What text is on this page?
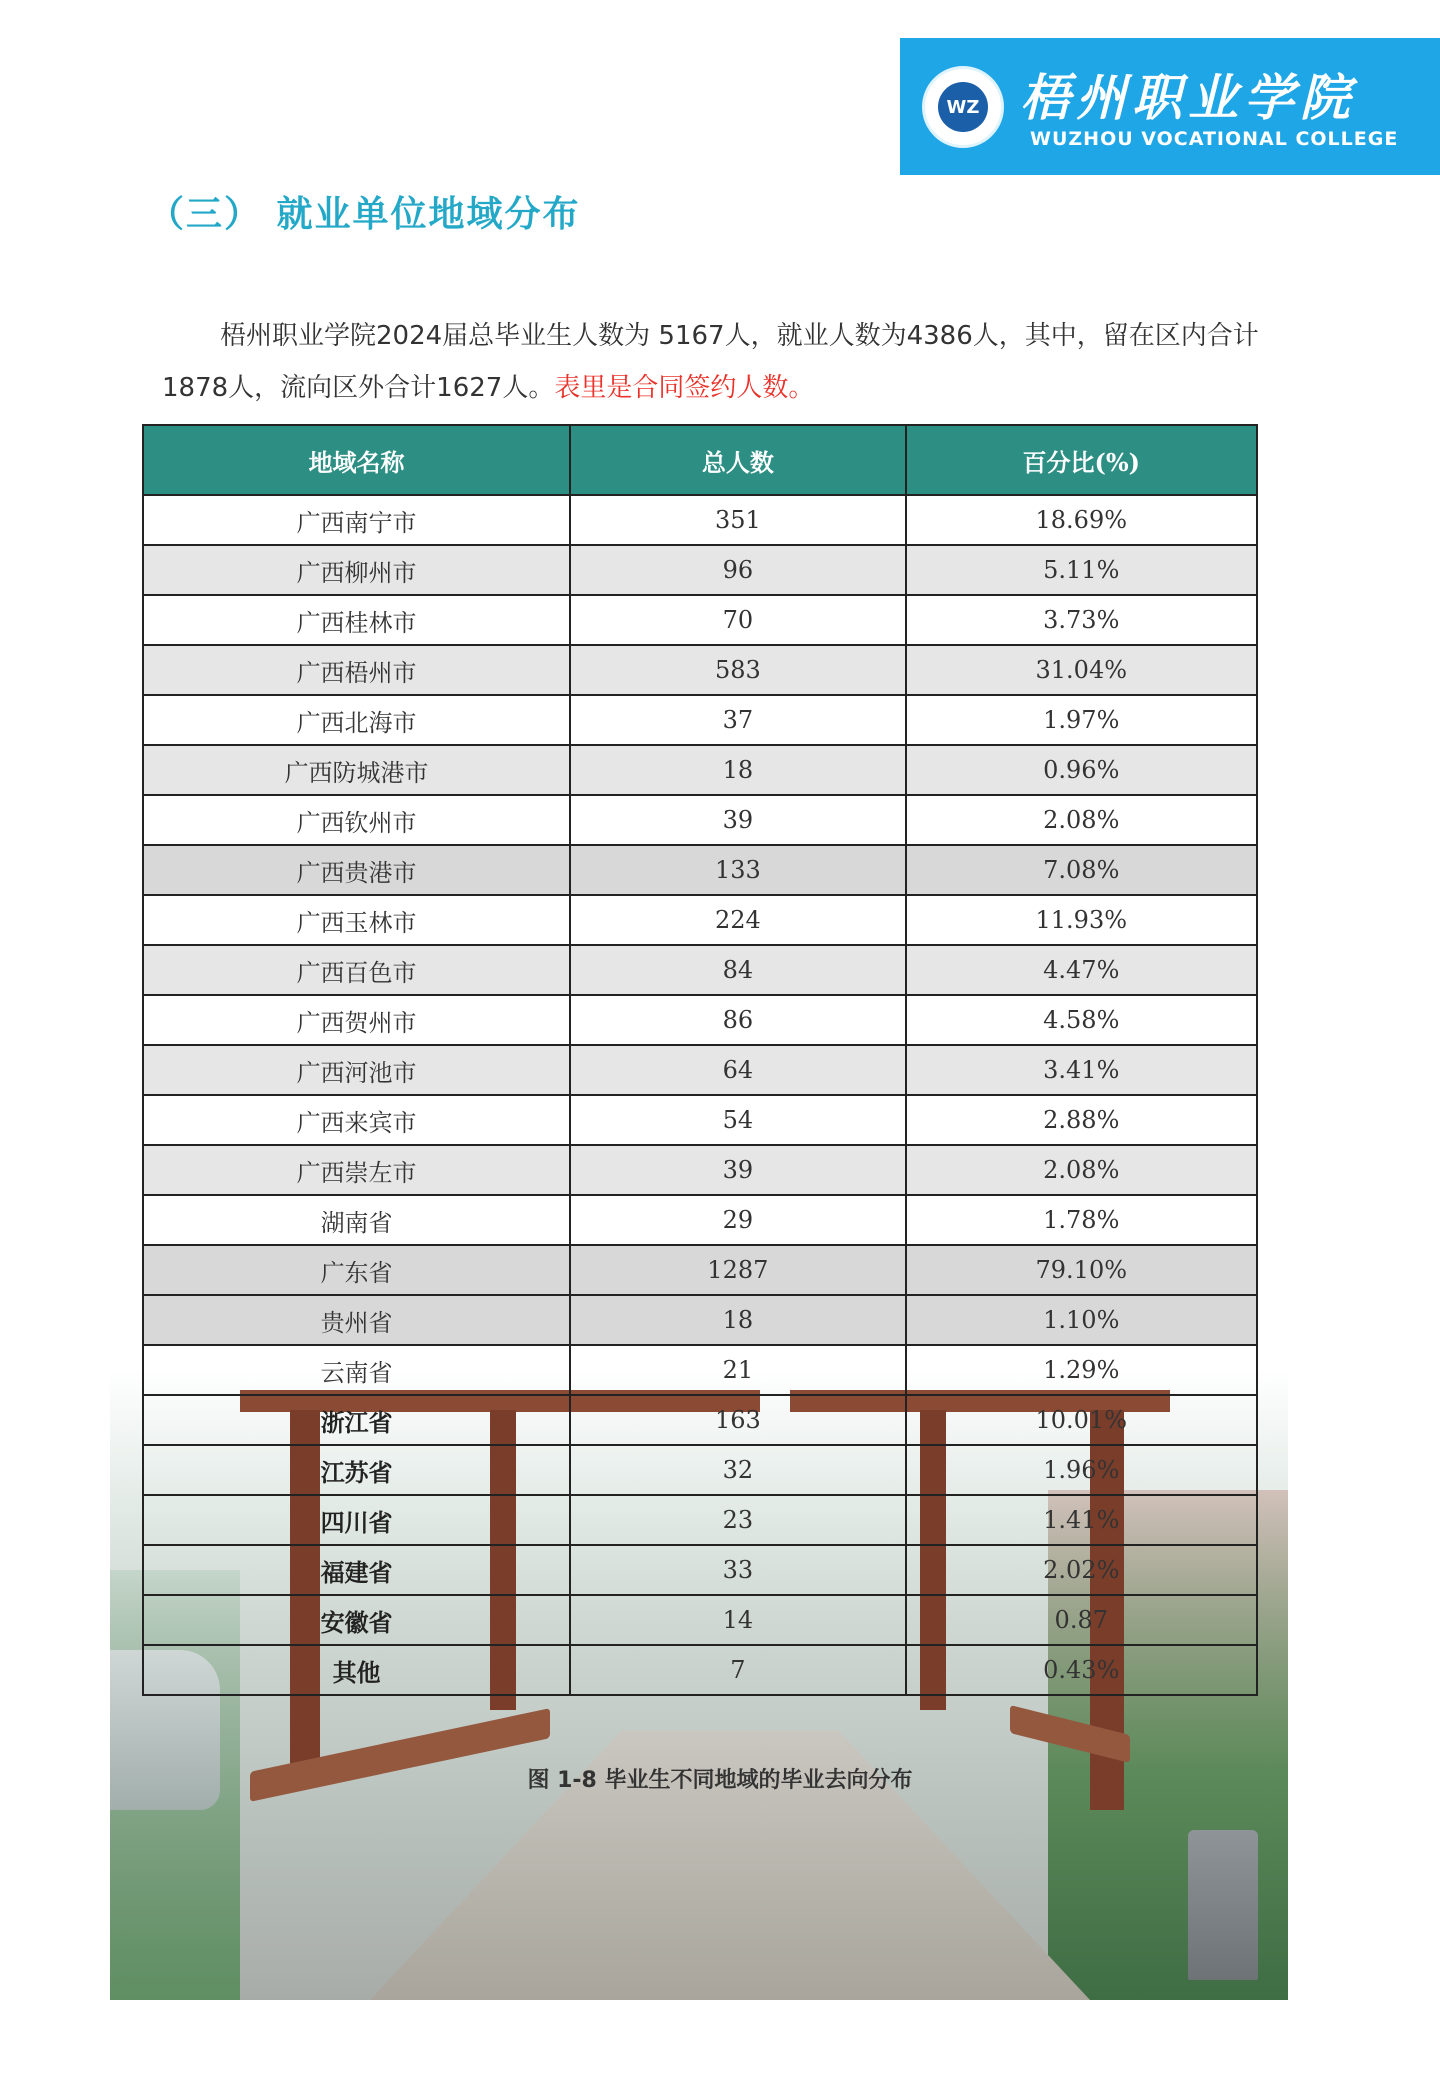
WZ 梧州职业学院
WUZHOU VOCATIONAL COLLEGE
（三） 就业单位地域分布

梧州职业学院2024届总毕业生人数为 5167人，就业人数为4386人，其中，留在区内合计1878人，流向区外合计1627人。表里是合同签约人数。

地域名称	总人数	百分比(%)
广西南宁市	351	18.69%
广西柳州市	96	5.11%
广西桂林市	70	3.73%
广西梧州市	583	31.04%
广西北海市	37	1.97%
广西防城港市	18	0.96%
广西钦州市	39	2.08%
广西贵港市	133	7.08%
广西玉林市	224	11.93%
广西百色市	84	4.47%
广西贺州市	86	4.58%
广西河池市	64	3.41%
广西来宾市	54	2.88%
广西崇左市	39	2.08%
湖南省	29	1.78%
广东省	1287	79.10%
贵州省	18	1.10%
云南省	21	1.29%
浙江省	163	10.01%
江苏省	32	1.96%
四川省	23	1.41%
福建省	33	2.02%
安徽省	14	0.87
其他	7	0.43%

图 1-8 毕业生不同地域的毕业去向分布
